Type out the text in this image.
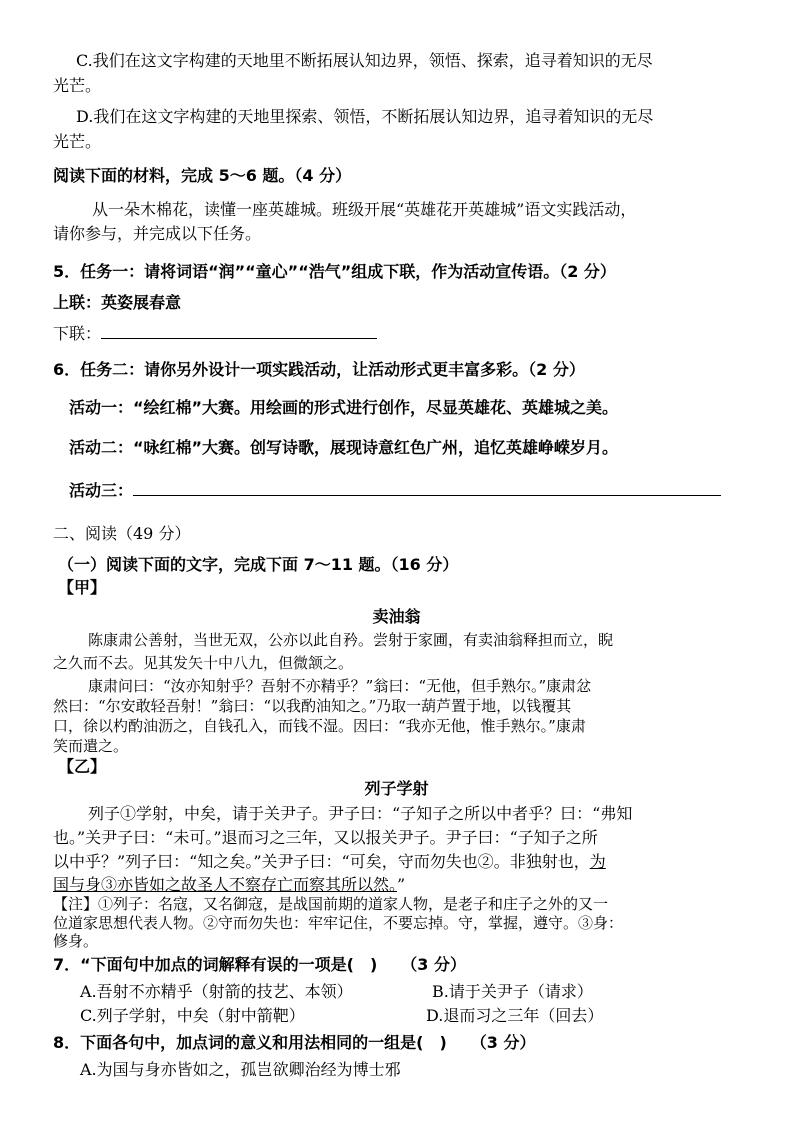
C.我们在这文字构建的天地里不断拓展认知边界，领悟、探索，追寻着知识的无尽
光芒。
D.我们在这文字构建的天地里探索、领悟，不断拓展认知边界，追寻着知识的无尽
光芒。
阅读下面的材料，完成 5～6 题。（4 分）
从一朵木棉花，读懂一座英雄城。班级开展“英雄花开英雄城”语文实践活动，
请你参与，并完成以下任务。
5．任务一：请将词语“润”“童心”“浩气”组成下联，作为活动宣传语。（2 分）
上联：英姿展春意
下联：
6．任务二：请你另外设计一项实践活动，让活动形式更丰富多彩。（2 分）
活动一：“绘红棉”大赛。用绘画的形式进行创作，尽显英雄花、英雄城之美。
活动二：“咏红棉”大赛。创写诗歌，展现诗意红色广州，追忆英雄峥嵘岁月。
活动三：
二、阅读（49 分）
（一）阅读下面的文字，完成下面 7～11 题。（16 分）
【甲】
卖油翁
陈康肃公善射，当世无双，公亦以此自矜。尝射于家圃，有卖油翁释担而立，睨
之久而不去。见其发矢十中八九，但微颔之。
康肃问曰：“汝亦知射乎？吾射不亦精乎？”翁曰：“无他，但手熟尔。”康肃忿
然曰：“尔安敢轻吾射！”翁曰：“以我酌油知之。”乃取一葫芦置于地，以钱覆其
口，徐以杓酌油沥之，自钱孔入，而钱不湿。因曰：“我亦无他，惟手熟尔。”康肃
笑而遣之。
【乙】
列子学射
列子①学射，中矣，请于关尹子。尹子曰：“子知子之所以中者乎？曰：“弗知
也。”关尹子曰：“未可。”退而习之三年，又以报关尹子。尹子曰：“子知子之所
以中乎？”列子曰：“知之矣。”关尹子曰：“可矣，守而勿失也②。非独射也，为
国与身③亦皆如之故圣人不察存亡而察其所以然。”
【注】①列子：名寇，又名御寇，是战国前期的道家人物，是老子和庄子之外的又一
位道家思想代表人物。②守而勿失也：牢牢记住，不要忘掉。守，掌握，遵守。③身：
修身。
7．“下面句中加点的词解释有误的一项是(　)　　（3 分）
A.吾射不亦精乎（射箭的技艺、本领）	B.请于关尹子（请求）
C.列子学射，中矣（射中箭靶）	D.退而习之三年（回去）
8．下面各句中，加点词的意义和用法相同的一组是(　)　　（3 分）
A.为国与身亦皆如之，孤岂欲卿治经为博士邪
